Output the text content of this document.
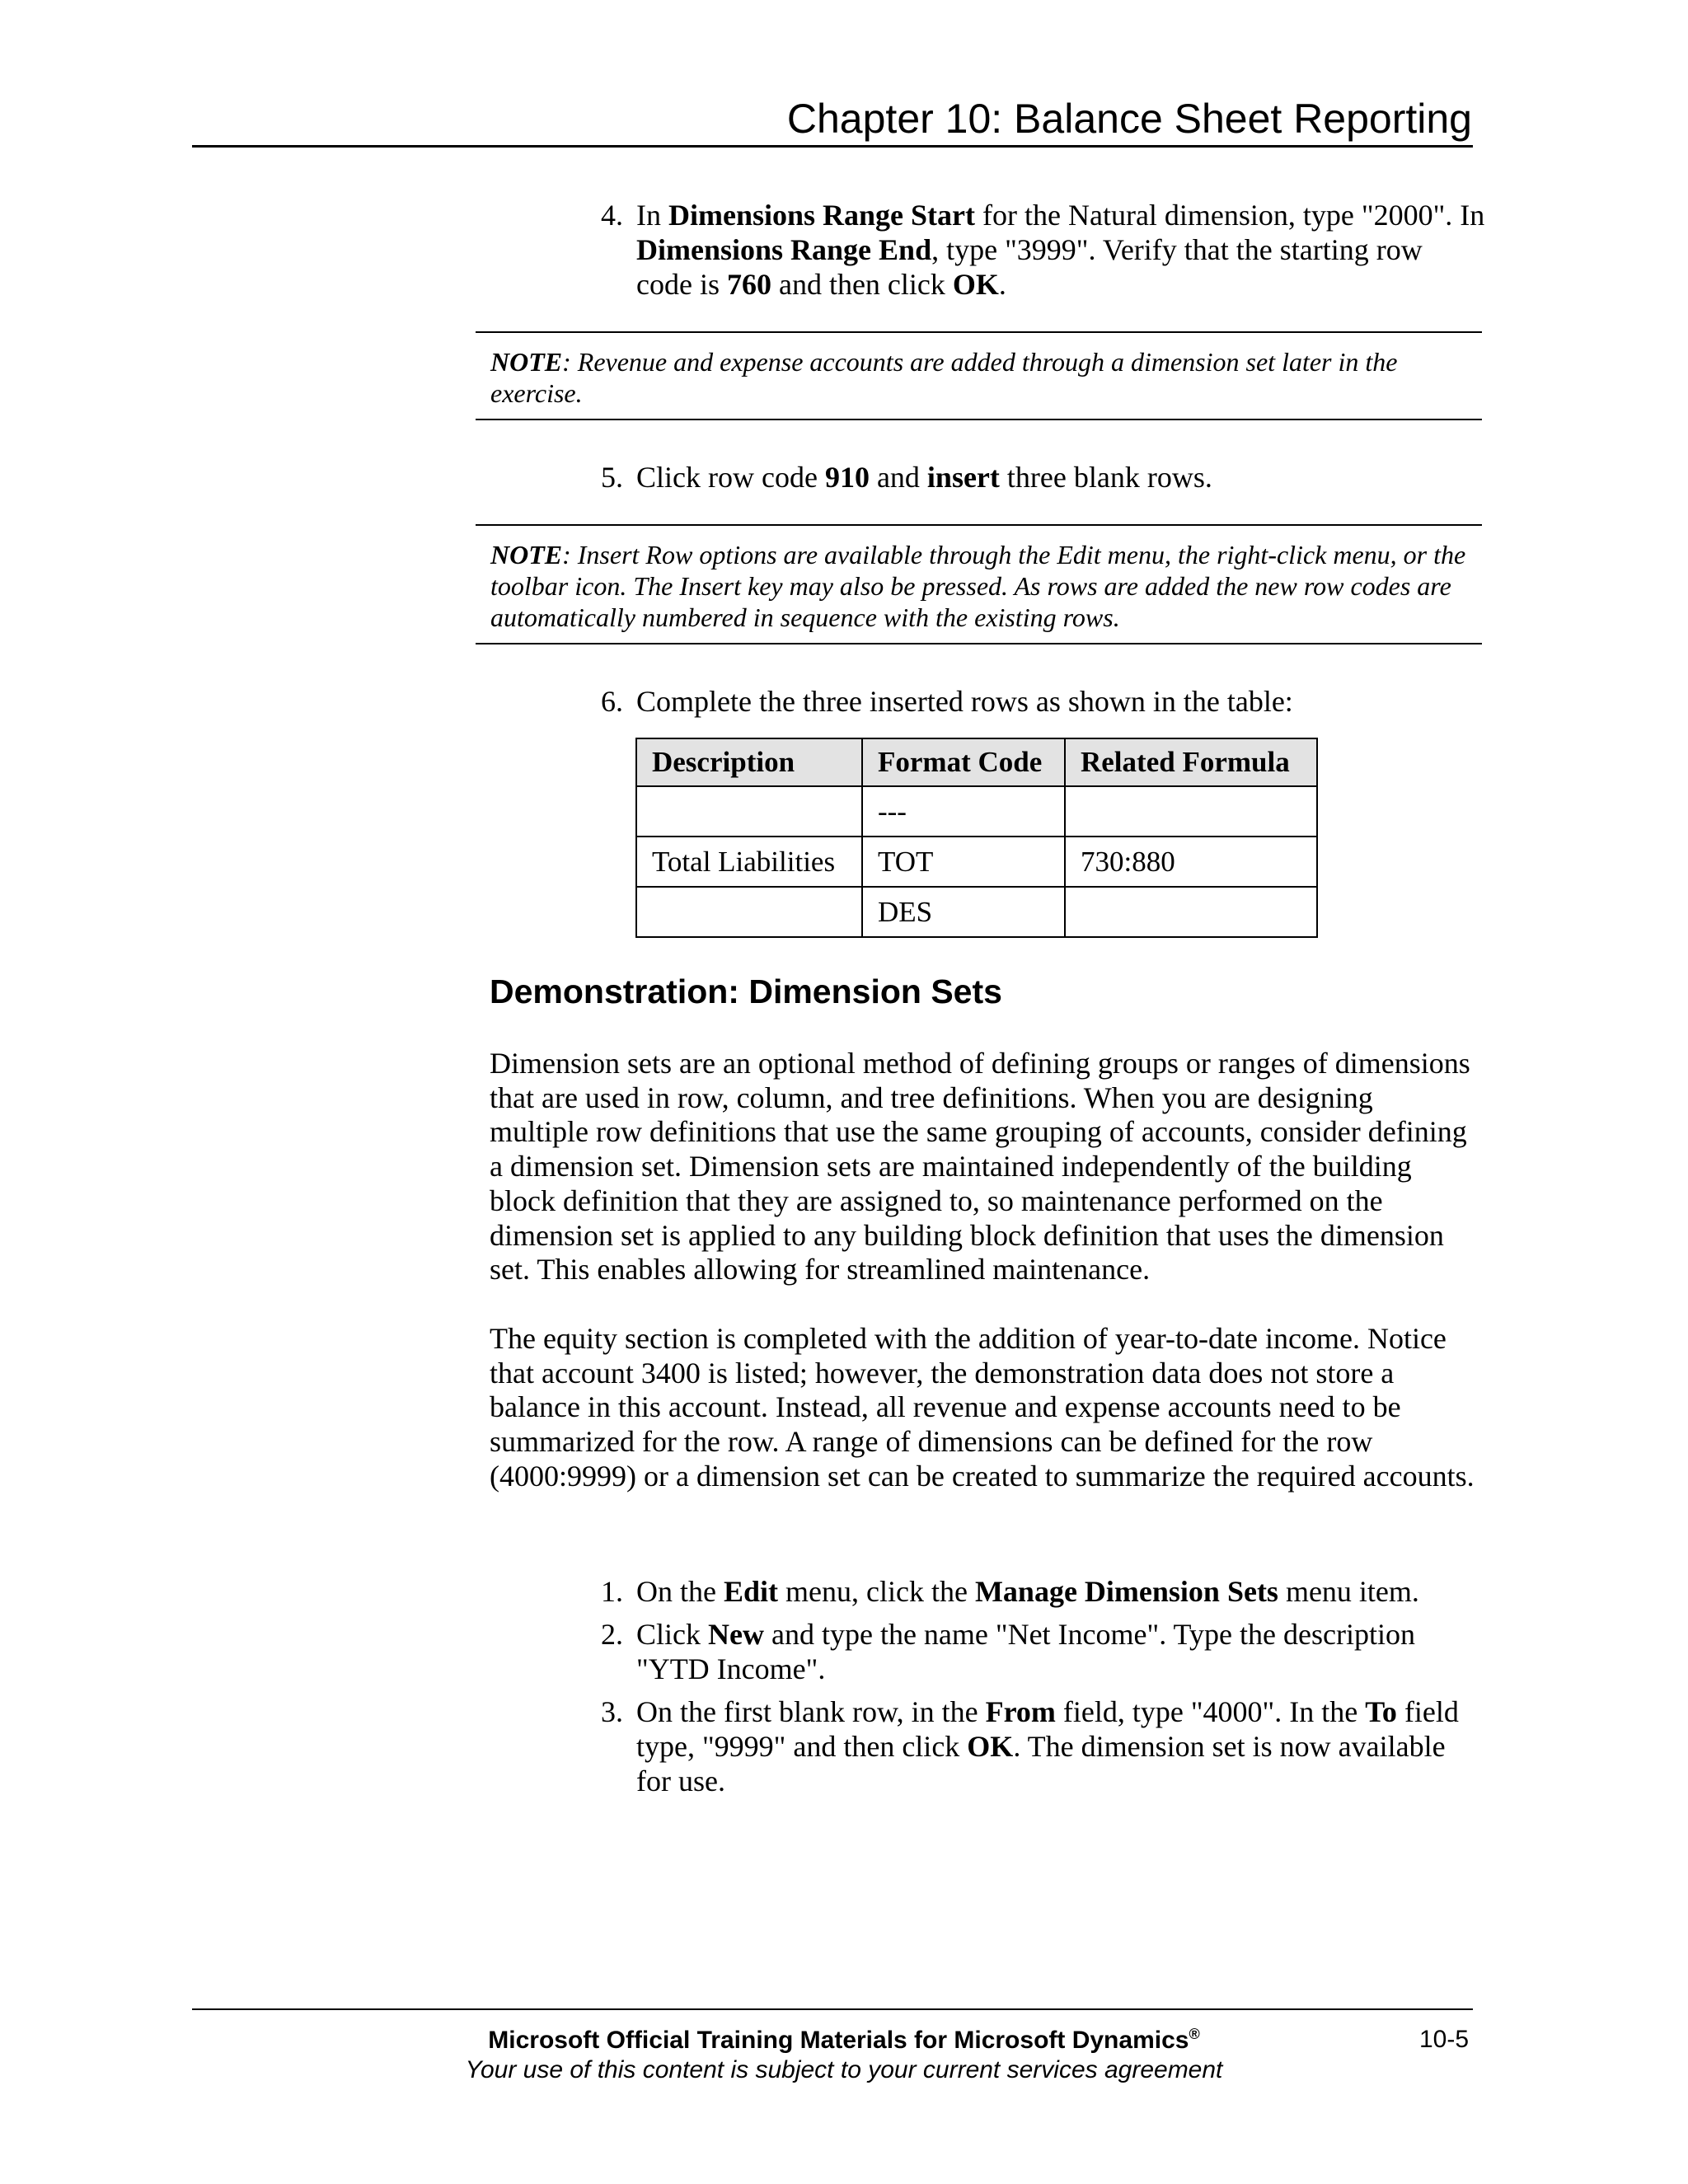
Chapter 10: Balance Sheet Reporting
4. In Dimensions Range Start for the Natural dimension, type "2000". In Dimensions Range End, type "3999". Verify that the starting row code is 760 and then click OK.
NOTE: Revenue and expense accounts are added through a dimension set later in the exercise.
5. Click row code 910 and insert three blank rows.
NOTE: Insert Row options are available through the Edit menu, the right-click menu, or the toolbar icon. The Insert key may also be pressed. As rows are added the new row codes are automatically numbered in sequence with the existing rows.
6. Complete the three inserted rows as shown in the table:
Description	Format Code	Related Formula
	---	
Total Liabilities	TOT	730:880
	DES	
Demonstration: Dimension Sets
Dimension sets are an optional method of defining groups or ranges of dimensions that are used in row, column, and tree definitions. When you are designing multiple row definitions that use the same grouping of accounts, consider defining a dimension set. Dimension sets are maintained independently of the building block definition that they are assigned to, so maintenance performed on the dimension set is applied to any building block definition that uses the dimension set. This enables allowing for streamlined maintenance.
The equity section is completed with the addition of year-to-date income. Notice that account 3400 is listed; however, the demonstration data does not store a balance in this account. Instead, all revenue and expense accounts need to be summarized for the row. A range of dimensions can be defined for the row (4000:9999) or a dimension set can be created to summarize the required accounts.
1. On the Edit menu, click the Manage Dimension Sets menu item.
2. Click New and type the name "Net Income". Type the description "YTD Income".
3. On the first blank row, in the From field, type "4000". In the To field type, "9999" and then click OK. The dimension set is now available for use.
Microsoft Official Training Materials for Microsoft Dynamics®
Your use of this content is subject to your current services agreement
10-5
